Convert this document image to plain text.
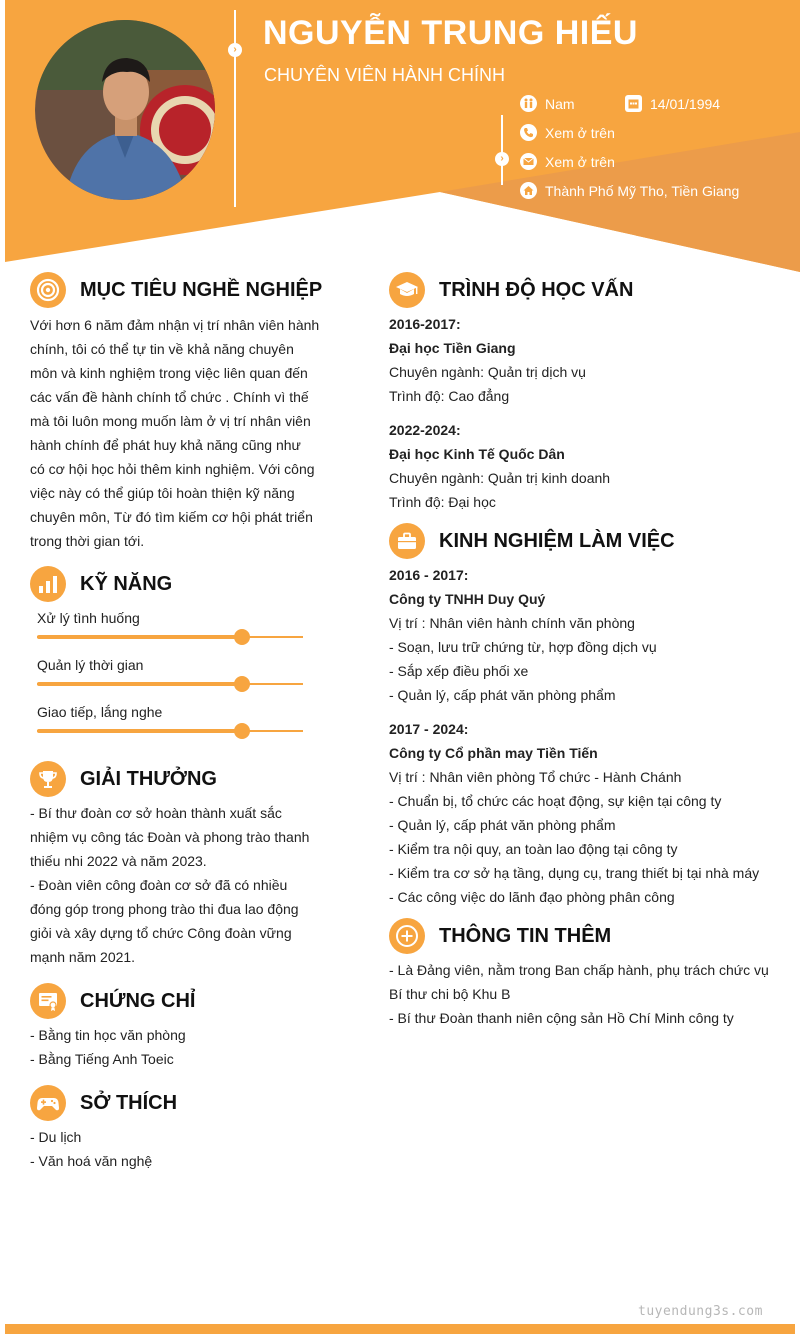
›
›
NGUYỄN TRUNG HIẾU
CHUYÊN VIÊN HÀNH CHÍNH
Nam	14/01/1994
Xem ở trên
Xem ở trên
Thành Phố Mỹ Tho, Tiền Giang
MỤC TIÊU NGHỀ NGHIỆP
Với hơn 6 năm đảm nhận vị trí nhân viên hành
chính, tôi có thể tự tin về khả năng chuyên
môn và kinh nghiệm trong việc liên quan đến
các vấn đề hành chính tổ chức . Chính vì thế
mà tôi luôn mong muốn làm ở vị trí nhân viên
hành chính để phát huy khả năng cũng như
có cơ hội học hỏi thêm kinh nghiệm. Với công
việc này có thể giúp tôi hoàn thiện kỹ năng
chuyên môn, Từ đó tìm kiếm cơ hội phát triển
trong thời gian tới.
KỸ NĂNG
Xử lý tình huống
Quản lý thời gian
Giao tiếp, lắng nghe
GIẢI THƯỞNG
- Bí thư đoàn cơ sở hoàn thành xuất sắc
nhiệm vụ công tác Đoàn và phong trào thanh
thiếu nhi 2022 và năm 2023.
- Đoàn viên công đoàn cơ sở đã có nhiều
đóng góp trong phong trào thi đua lao động
giỏi và xây dựng tổ chức Công đoàn vững
mạnh năm 2021.
CHỨNG CHỈ
- Bằng tin học văn phòng
- Bằng Tiếng Anh Toeic
SỞ THÍCH
- Du lịch
- Văn hoá văn nghệ
TRÌNH ĐỘ HỌC VẤN
2016-2017:
Đại học Tiền Giang
Chuyên ngành: Quản trị dịch vụ
Trình độ: Cao đẳng
2022-2024:
Đại học Kinh Tế Quốc Dân
Chuyên ngành: Quản trị kinh doanh
Trình độ: Đại học
KINH NGHIỆM LÀM VIỆC
2016 - 2017:
Công ty TNHH Duy Quý
Vị trí : Nhân viên hành chính văn phòng
- Soạn, lưu trữ chứng từ, hợp đồng dịch vụ
- Sắp xếp điều phối xe
- Quản lý, cấp phát văn phòng phẩm
2017 - 2024:
Công ty Cổ phần may Tiền Tiến
Vị trí : Nhân viên phòng Tổ chức - Hành Chánh
- Chuẩn bị, tổ chức các hoạt động, sự kiện tại công ty
- Quản lý, cấp phát văn phòng phẩm
- Kiểm tra nội quy, an toàn lao động tại công ty
- Kiểm tra cơ sở hạ tầng, dụng cụ, trang thiết bị tại nhà máy
- Các công việc do lãnh đạo phòng phân công
THÔNG TIN THÊM
- Là Đảng viên, nằm trong Ban chấp hành, phụ trách chức vụ
Bí thư chi bộ Khu B
- Bí thư Đoàn thanh niên cộng sản Hồ Chí Minh công ty
tuyendung3s.com
